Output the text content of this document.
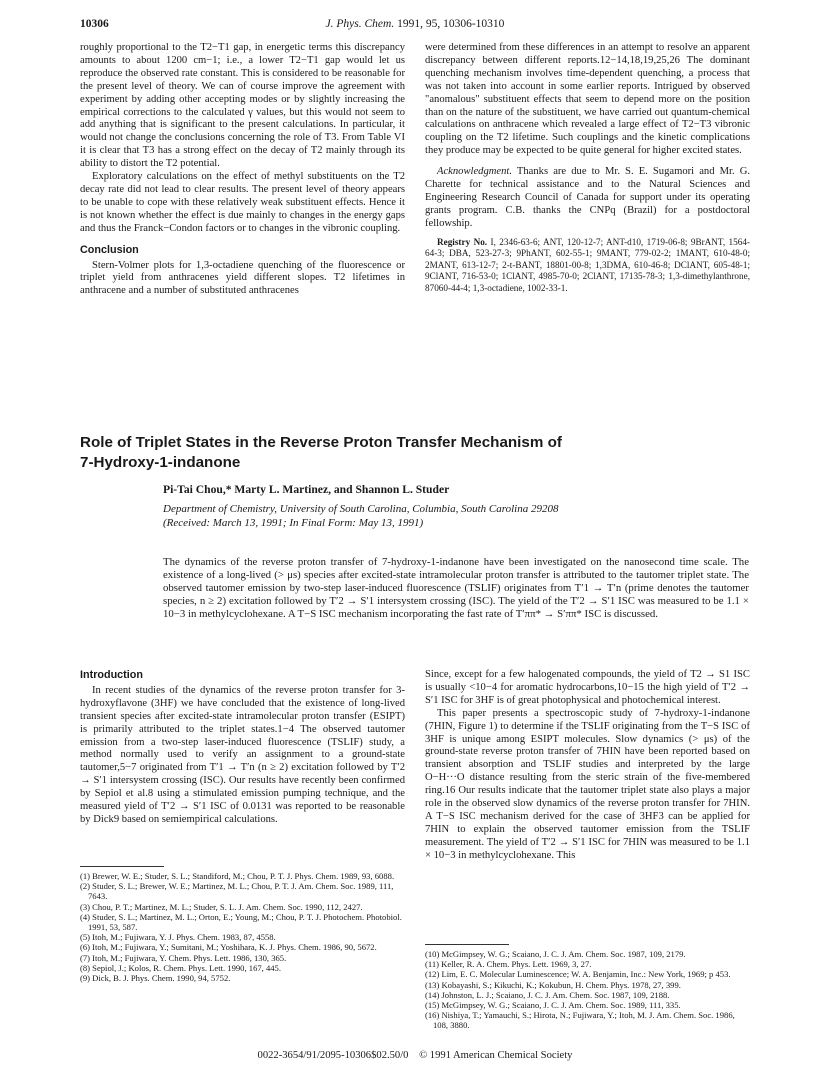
10306	J. Phys. Chem. 1991, 95, 10306-10310

roughly proportional to the T2−T1 gap, in energetic terms this discrepancy amounts to about 1200 cm−1; i.e., a lower T2−T1 gap would let us reproduce the observed rate constant. This is considered to be reasonable for the present level of theory. We can of course improve the agreement with experiment by adding other accepting modes or by slightly increasing the empirical corrections to the calculated γ values, but this would not seem to add anything that is significant to the present calculations. In particular, it would not change the conclusions concerning the role of T3. From Table VI it is clear that T3 has a strong effect on the decay of T2 mainly through its ability to distort the T2 potential.

Exploratory calculations on the effect of methyl substituents on the T2 decay rate did not lead to clear results. The present level of theory appears to be unable to cope with these relatively weak substituent effects. Hence it is not known whether the effect is due mainly to changes in the energy gaps and thus the Franck−Condon factors or to changes in the vibronic coupling.

Conclusion

Stern-Volmer plots for 1,3-octadiene quenching of the fluorescence or triplet yield from anthracenes yield different slopes. T2 lifetimes in anthracene and a number of substituted anthracenes

were determined from these differences in an attempt to resolve an apparent discrepancy between different reports.12−14,18,19,25,26 The dominant quenching mechanism involves time-dependent quenching, a process that was not taken into account in some earlier reports. Intrigued by observed "anomalous" substituent effects that seem to depend more on the position than on the nature of the substituent, we have carried out quantum-chemical calculations on anthracene which revealed a large effect of T2−T3 vibronic coupling on the T2 lifetime. Such couplings and the kinetic complications they produce may be expected to be quite general for higher excited states.

Acknowledgment. Thanks are due to Mr. S. E. Sugamori and Mr. G. Charette for technical assistance and to the Natural Sciences and Engineering Research Council of Canada for support under its operating grants program. C.B. thanks the CNPq (Brazil) for a postdoctoral fellowship.

Registry No. I, 2346-63-6; ANT, 120-12-7; ANT-d10, 1719-06-8; 9BrANT, 1564-64-3; DBA, 523-27-3; 9PhANT, 602-55-1; 9MANT, 779-02-2; 1MANT, 610-48-0; 2MANT, 613-12-7; 2-t-BANT, 18801-00-8; 1,3DMA, 610-46-8; DClANT, 605-48-1; 9ClANT, 716-53-0; 1ClANT, 4985-70-0; 2ClANT, 17135-78-3; 1,3-dimethylanthrone, 87060-44-4; 1,3-octadiene, 1002-33-1.

Role of Triplet States in the Reverse Proton Transfer Mechanism of
7-Hydroxy-1-indanone
Pi-Tai Chou,* Marty L. Martinez, and Shannon L. Studer
Department of Chemistry, University of South Carolina, Columbia, South Carolina 29208
(Received: March 13, 1991; In Final Form: May 13, 1991)
The dynamics of the reverse proton transfer of 7-hydroxy-1-indanone have been investigated on the nanosecond time scale. The existence of a long-lived (> μs) species after excited-state intramolecular proton transfer is attributed to the tautomer triplet state. The observed tautomer emission by two-step laser-induced fluorescence (TSLIF) originates from T′1 → T′n (prime denotes the tautomer species, n ≥ 2) excitation followed by T′2 → S′1 intersystem crossing (ISC). The yield of the T′2 → S′1 ISC was measured to be 1.1 × 10−3 in methylcyclohexane. A T−S ISC mechanism incorporating the fast rate of T′ππ* → S′ππ* ISC is discussed.
Introduction

In recent studies of the dynamics of the reverse proton transfer for 3-hydroxyflavone (3HF) we have concluded that the existence of long-lived transient species after excited-state intramolecular proton transfer (ESIPT) is primarily attributed to the triplet states.1−4 The observed tautomer emission from a two-step laser-induced fluorescence (TSLIF) study, a method normally used to verify an assignment to a ground-state tautomer,5−7 originated from T′1 → T′n (n ≥ 2) excitation followed by T′2 → S′1 intersystem crossing (ISC). Our results have recently been confirmed by Sepiol et al.8 using a stimulated emission pumping technique, and the measured yield of T′2 → S′1 ISC of 0.0131 was reported to be reasonable by Dick9 based on semiempirical calculations.

(1) Brewer, W. E.; Studer, S. L.; Standiford, M.; Chou, P. T. J. Phys. Chem. 1989, 93, 6088.
(2) Studer, S. L.; Brewer, W. E.; Martinez, M. L.; Chou, P. T. J. Am. Chem. Soc. 1989, 111, 7643.
(3) Chou, P. T.; Martinez, M. L.; Studer, S. L. J. Am. Chem. Soc. 1990, 112, 2427.
(4) Studer, S. L.; Martinez, M. L.; Orton, E.; Young, M.; Chou, P. T. J. Photochem. Photobiol. 1991, 53, 587.
(5) Itoh, M.; Fujiwara, Y. J. Phys. Chem. 1983, 87, 4558.
(6) Itoh, M.; Fujiwara, Y.; Sumitani, M.; Yoshihara, K. J. Phys. Chem. 1986, 90, 5672.
(7) Itoh, M.; Fujiwara, Y. Chem. Phys. Lett. 1986, 130, 365.
(8) Sepiol, J.; Kolos, R. Chem. Phys. Lett. 1990, 167, 445.
(9) Dick, B. J. Phys. Chem. 1990, 94, 5752.

Since, except for a few halogenated compounds, the yield of T2 → S1 ISC is usually <10−4 for aromatic hydrocarbons,10−15 the high yield of T′2 → S′1 ISC for 3HF is of great photophysical and photochemical interest.

This paper presents a spectroscopic study of 7-hydroxy-1-indanone (7HIN, Figure 1) to determine if the TSLIF originating from the T−S ISC of 3HF is unique among ESIPT molecules. Slow dynamics (> μs) of the ground-state reverse proton transfer of 7HIN have been reported based on transient absorption and TSLIF studies and interpreted by the large O−H···O distance resulting from the steric strain of the five-membered ring.16 Our results indicate that the tautomer triplet state also plays a major role in the observed slow dynamics of the reverse proton transfer for 7HIN. A T−S ISC mechanism derived for the case of 3HF3 can be applied for 7HIN to explain the observed tautomer emission from the TSLIF measurement. The yield of T′2 → S′1 ISC for 7HIN was measured to be 1.1 × 10−3 in methylcyclohexane. This

(10) McGimpsey, W. G.; Scaiano, J. C. J. Am. Chem. Soc. 1987, 109, 2179.
(11) Keller, R. A. Chem. Phys. Lett. 1969, 3, 27.
(12) Lim, E. C. Molecular Luminescence; W. A. Benjamin, Inc.: New York, 1969; p 453.
(13) Kobayashi, S.; Kikuchi, K.; Kokubun, H. Chem. Phys. 1978, 27, 399.
(14) Johnston, L. J.; Scaiano, J. C. J. Am. Chem. Soc. 1987, 109, 2188.
(15) McGimpsey, W. G.; Scaiano, J. C. J. Am. Chem. Soc. 1989, 111, 335.
(16) Nishiya, T.; Yamauchi, S.; Hirota, N.; Fujiwara, Y.; Itoh, M. J. Am. Chem. Soc. 1986, 108, 3880.
0022-3654/91/2095-10306$02.50/0 © 1991 American Chemical Society
